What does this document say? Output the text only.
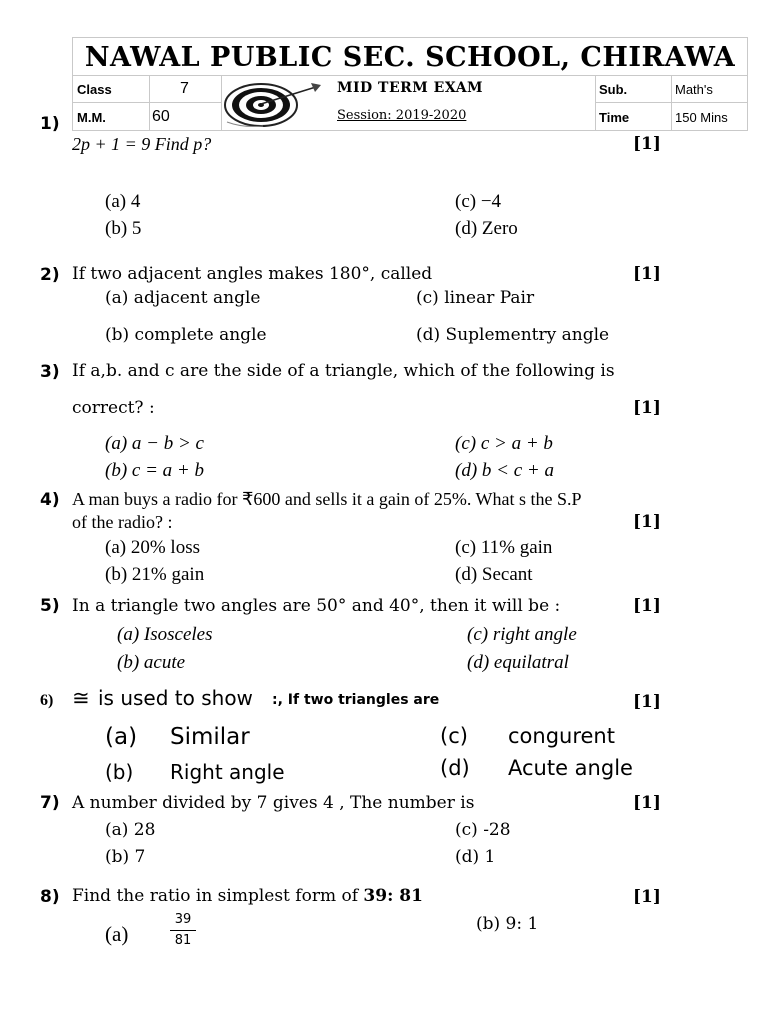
NAWAL PUBLIC SEC. SCHOOL, CHIRAWA
Class	7
M.M.	60
MID TERM EXAM
Session: 2019-2020
Sub.	Math's
Time	150 Mins
1)
2p + 1 = 9 Find p?	[1]
(a) 4
(b) 5
(c) −4
(d) Zero
2) If two adjacent angles makes 180°, called	[1]
(a) adjacent angle
(b) complete angle
(c) linear Pair
(d) Suplementry angle
3) If a,b. and c are the side of a triangle, which of the following is
correct? :	[1]
(a) a − b > c
(b) c = a + b
(c) c > a + b
(d) b < c + a
4) A man buys a radio for ₹600 and sells it a gain of 25%. What s the S.P
of the radio? :	[1]
(a) 20% loss
(b) 21% gain
(c) 11% gain
(d) Secant
5) In a triangle two angles are 50° and 40°, then it will be :	[1]
(a) Isosceles
(b) acute
(c) right angle
(d) equilatral
6) ≅ is used to show :, If two triangles are	[1]
(a) Similar
(b) Right angle
(c) congurent
(d) Acute angle
7) A number divided by 7 gives 4 , The number is	[1]
(a) 28
(b) 7
(c) -28
(d) 1
8) Find the ratio in simplest form of 39: 81	[1]
(a)
39
81
(b) 9: 1
